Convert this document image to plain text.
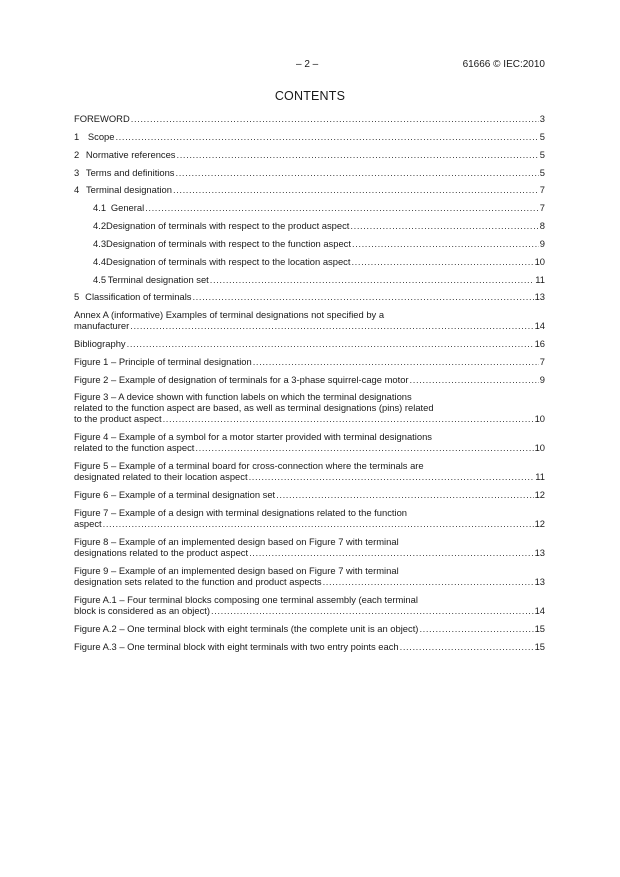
– 2 –	61666 © IEC:2010
CONTENTS
FOREWORD .....	3
1 Scope .....	5
2 Normative references .....	5
3 Terms and definitions .....	5
4 Terminal designation .....	7
4.1 General .....	7
4.2 Designation of terminals with respect to the product aspect .....	8
4.3 Designation of terminals with respect to the function aspect .....	9
4.4 Designation of terminals with respect to the location aspect .....	10
4.5 Terminal designation set .....	11
5 Classification of terminals .....	13
Annex A (informative) Examples of terminal designations not specified by a
manufacturer .....	14
Bibliography .....	16
Figure 1 – Principle of terminal designation .....	7
Figure 2 – Example of designation of terminals for a 3-phase squirrel-cage motor .....	9
Figure 3 – A device shown with function labels on which the terminal designations
related to the function aspect are based, as well as terminal designations (pins) related
to the product aspect .....	10
Figure 4 – Example of a symbol for a motor starter provided with terminal designations
related to the function aspect .....	10
Figure 5 – Example of a terminal board for cross-connection where the terminals are
designated related to their location aspect .....	11
Figure 6 – Example of a terminal designation set .....	12
Figure 7 – Example of a design with terminal designations related to the function
aspect .....	12
Figure 8 – Example of an implemented design based on Figure 7 with terminal
designations related to the product aspect .....	13
Figure 9 – Example of an implemented design based on Figure 7 with terminal
designation sets related to the function and product aspects .....	13
Figure A.1 – Four terminal blocks composing one terminal assembly (each terminal
block is considered as an object) .....	14
Figure A.2 – One terminal block with eight terminals (the complete unit is an object) .....	15
Figure A.3 – One terminal block with eight terminals with two entry points each .....	15
